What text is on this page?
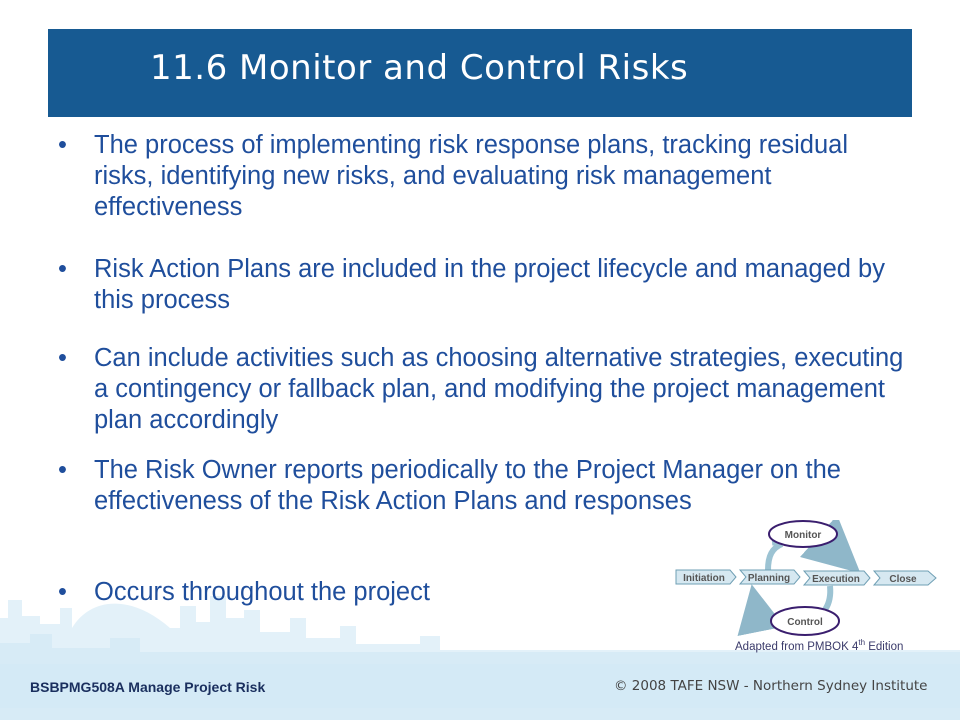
11.6 Monitor and Control Risks
•	The process of implementing risk response plans, tracking residual risks, identifying new risks, and evaluating risk management effectiveness
•	Risk Action Plans are included in the project lifecycle and managed by this process
•	Can include activities such as choosing alternative strategies, executing a contingency or fallback plan, and modifying the project management plan accordingly
•	The Risk Owner reports periodically to the Project Manager on the effectiveness of the Risk Action Plans and responses
•	Occurs throughout the project
Monitor
Control
Initiation Planning Execution	Close
Adapted from PMBOK 4th Edition
BSBPMG508A Manage Project Risk	© 2008 TAFE NSW - Northern Sydney Institute
